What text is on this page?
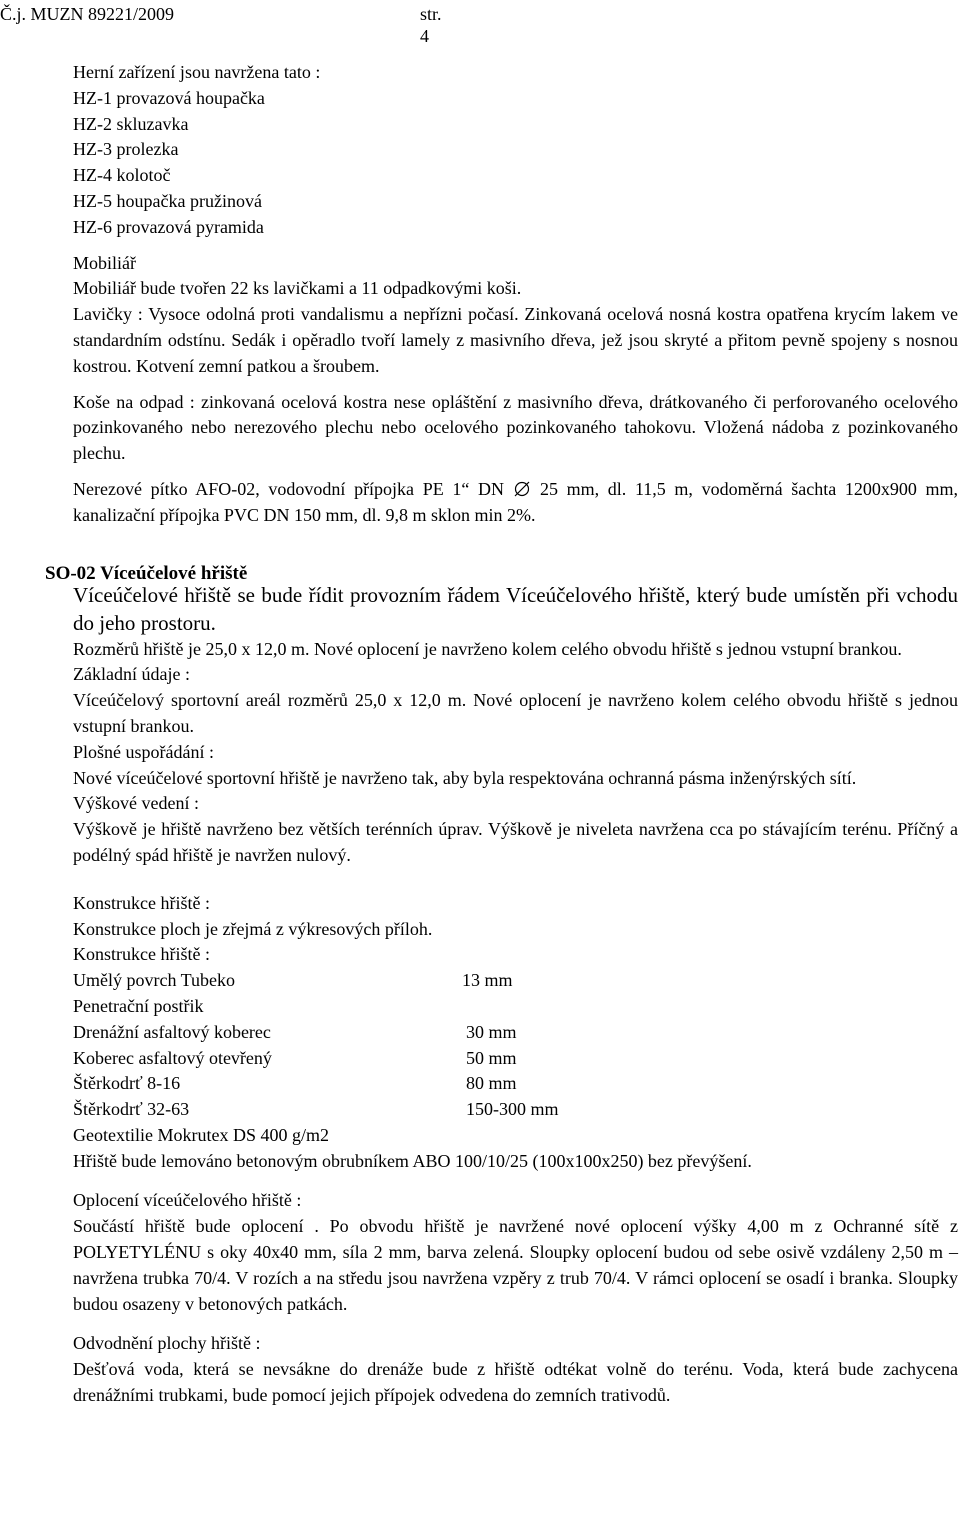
Č.j. MUZN 89221/2009	str. 4
Herní zařízení jsou navržena tato :
HZ-1 provazová houpačka
HZ-2 skluzavka
HZ-3 prolezka
HZ-4 kolotoč
HZ-5 houpačka pružinová
HZ-6 provazová pyramida
Mobiliář
Mobiliář bude tvořen 22 ks lavičkami a 11 odpadkovými koši.
Lavičky : Vysoce odolná proti vandalismu a nepřízni počasí. Zinkovaná ocelová nosná kostra opatřena krycím lakem ve standardním odstínu. Sedák i opěradlo tvoří lamely z masivního dřeva, jež jsou skryté a přitom pevně spojeny s nosnou kostrou. Kotvení zemní patkou a šroubem.
Koše na odpad : zinkovaná ocelová kostra nese opláštění z masivního dřeva, drátkovaného či perforovaného ocelového pozinkovaného nebo nerezového plechu nebo ocelového pozinkovaného tahokovu. Vložená nádoba z pozinkovaného plechu.
Nerezové pítko AFO-02, vodovodní přípojka PE 1“ DN 25 mm, dl. 11,5 m, vodoměrná šachta 1200x900 mm, kanalizační přípojka PVC DN 150 mm, dl. 9,8 m sklon min 2%.
Víceúčelové hřiště se bude řídit provozním řádem Víceúčelového hřiště, který bude umístěn při vchodu do jeho prostoru.
Rozměrů hřiště je 25,0 x 12,0 m. Nové oplocení je navrženo kolem celého obvodu hřiště s jednou vstupní brankou.
Základní údaje :
Víceúčelový sportovní areál rozměrů 25,0 x 12,0 m. Nové oplocení je navrženo kolem celého obvodu hřiště s jednou vstupní brankou.
Plošné uspořádání :
Nové víceúčelové sportovní hřiště je navrženo tak, aby byla respektována ochranná pásma inženýrských sítí.
Výškové vedení :
Výškově je hřiště navrženo bez větších terénních úprav. Výškově je niveleta navržena cca po stávajícím terénu. Příčný a podélný spád hřiště je navržen nulový.
Konstrukce hřiště :
Konstrukce ploch je zřejmá z výkresových příloh.
Konstrukce hřiště :
Umělý povrch Tubeko	13 mm
Penetrační postřik
Drenážní asfaltový koberec	30 mm
Koberec asfaltový otevřený	50 mm
Štěrkodrť 8-16	80 mm
Štěrkodrť 32-63	150-300 mm
Geotextilie Mokrutex DS 400 g/m2
Hřiště bude lemováno betonovým obrubníkem ABO 100/10/25 (100x100x250) bez převýšení.
Oplocení víceúčelového hřiště :
Součástí hřiště bude oplocení . Po obvodu hřiště je navržené nové oplocení výšky 4,00 m z Ochranné sítě z POLYETYLÉNU s oky 40x40 mm, síla 2 mm, barva zelená. Sloupky oplocení budou od sebe osivě vzdáleny 2,50 m – navržena trubka 70/4. V rozích a na středu jsou navržena vzpěry z trub 70/4. V rámci oplocení se osadí i branka. Sloupky budou osazeny v betonových patkách.
Odvodnění plochy hřiště :
Dešťová voda, která se nevsákne do drenáže bude z hřiště odtékat volně do terénu. Voda, která bude zachycena drenážními trubkami, bude pomocí jejich přípojek odvedena do zemních trativodů.
SO-02 Víceúčelové hřiště
